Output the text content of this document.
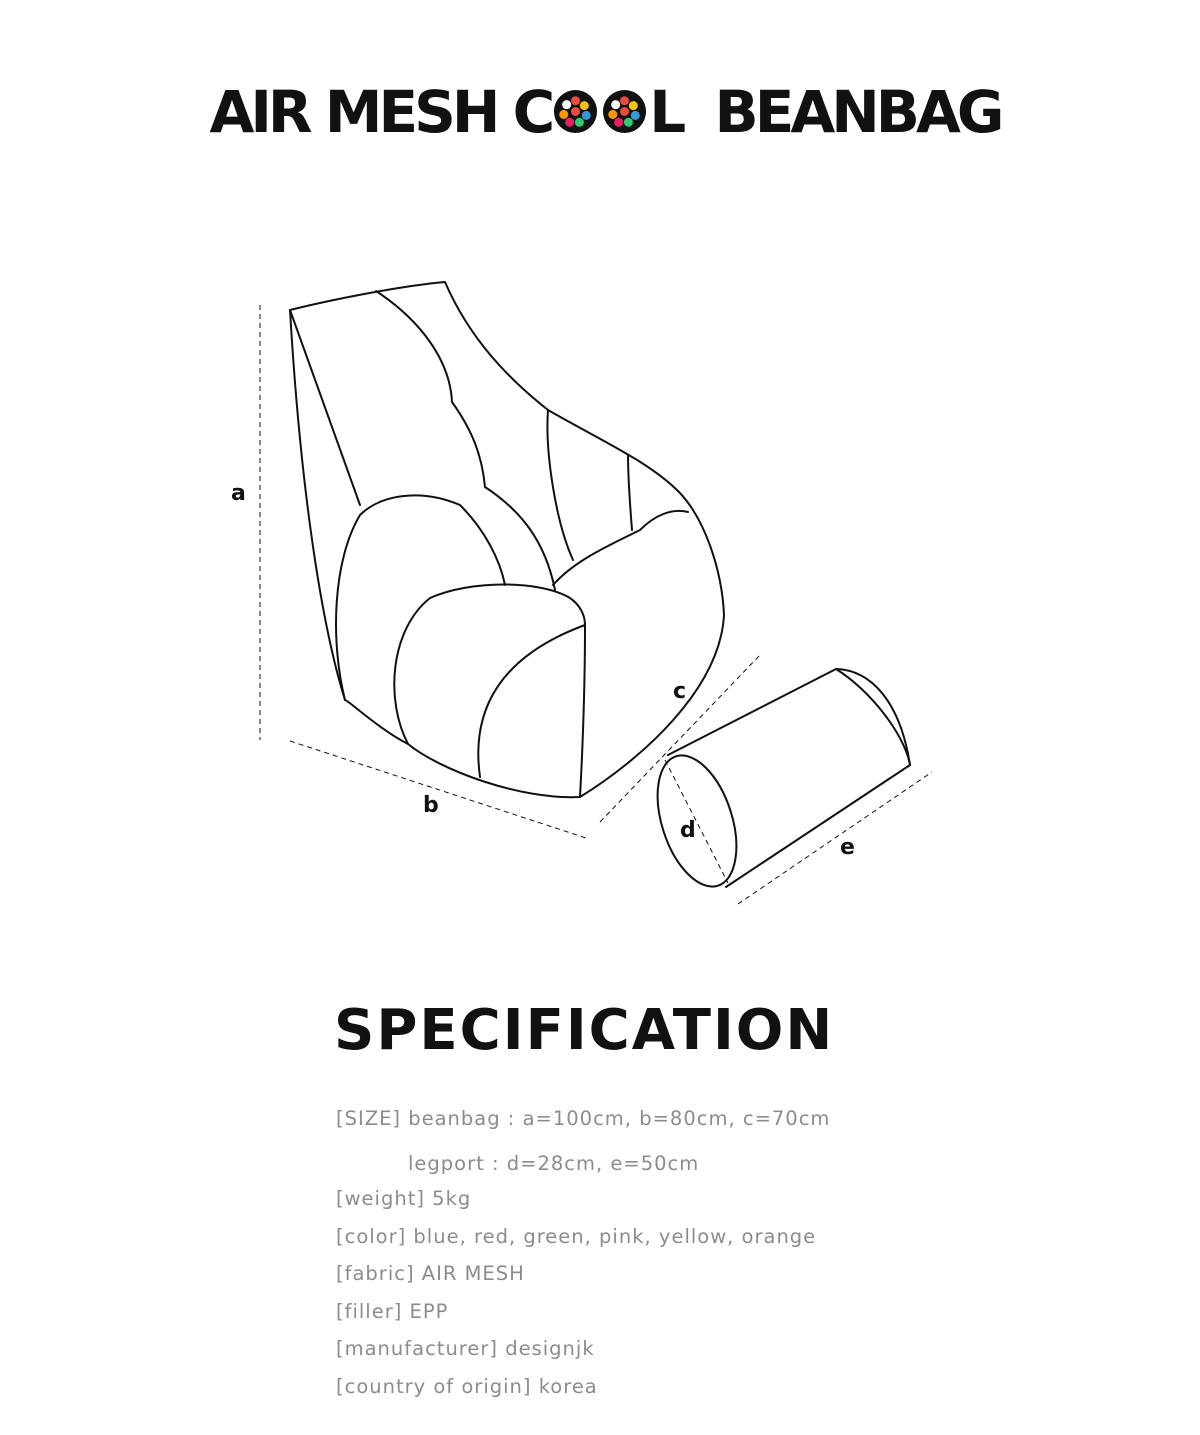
AIR MESH C L  BEANBAG
a
b
c
d
e
SPECIFICATION
[SIZE] beanbag : a=100cm, b=80cm, c=70cm
legport : d=28cm, e=50cm
[weight] 5kg
[color] blue, red, green, pink, yellow, orange
[fabric] AIR MESH
[filler] EPP
[manufacturer] designjk
[country of origin] korea
